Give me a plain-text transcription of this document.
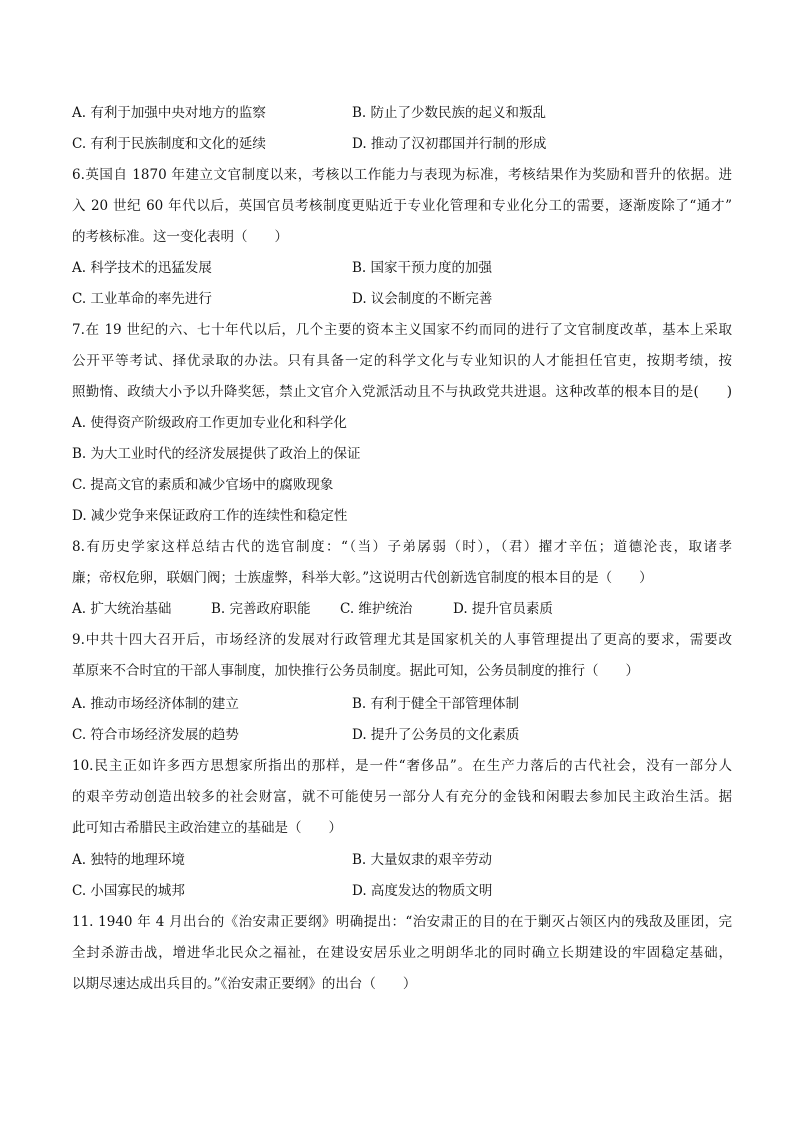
A. 有利于加强中央对地方的监察	B. 防止了少数民族的起义和叛乱
C. 有利于民族制度和文化的延续	D. 推动了汉初郡国并行制的形成
6.英国自 1870 年建立文官制度以来，考核以工作能力与表现为标准，考核结果作为奖励和晋升的依据。进
入 20 世纪 60 年代以后，英国官员考核制度更贴近于专业化管理和专业化分工的需要，逐渐废除了“通才”
的考核标准。这一变化表明（　　）
A. 科学技术的迅猛发展	B. 国家干预力度的加强
C. 工业革命的率先进行	D. 议会制度的不断完善
7.在 19 世纪的六、七十年代以后，几个主要的资本主义国家不约而同的进行了文官制度改革，基本上采取
公开平等考试、择优录取的办法。只有具备一定的科学文化与专业知识的人才能担任官吏，按期考绩，按
照勤惰、政绩大小予以升降奖惩，禁止文官介入党派活动且不与执政党共进退。这种改革的根本目的是(　　)
A. 使得资产阶级政府工作更加专业化和科学化
B. 为大工业时代的经济发展提供了政治上的保证
C. 提高文官的素质和减少官场中的腐败现象
D. 减少党争来保证政府工作的连续性和稳定性
8.有历史学家这样总结古代的选官制度：“（当）子弟孱弱（时），（君）擢才辛伍；道德沦丧，取诸孝
廉；帝权危卵，联姻门阀；士族虚弊，科举大彰。”这说明古代创新选官制度的根本目的是（　　）
A. 扩大统治基础	B. 完善政府职能 C. 维护统治	D. 提升官员素质
9.中共十四大召开后，市场经济的发展对行政管理尤其是国家机关的人事管理提出了更高的要求，需要改
革原来不合时宜的干部人事制度，加快推行公务员制度。据此可知，公务员制度的推行（　　）
A. 推动市场经济体制的建立	B. 有利于健全干部管理体制
C. 符合市场经济发展的趋势	D. 提升了公务员的文化素质
10.民主正如许多西方思想家所指出的那样，是一件“奢侈品”。在生产力落后的古代社会，没有一部分人
的艰辛劳动创造出较多的社会财富，就不可能使另一部分人有充分的金钱和闲暇去参加民主政治生活。据
此可知古希腊民主政治建立的基础是（　　）
A. 独特的地理环境	B. 大量奴隶的艰辛劳动
C. 小国寡民的城邦	D. 高度发达的物质文明
11. 1940 年 4 月出台的《治安肃正要纲》明确提出：“治安肃正的目的在于剿灭占领区内的残敌及匪团，完
全封杀游击战，增进华北民众之福祉，在建设安居乐业之明朗华北的同时确立长期建设的牢固稳定基础，
以期尽速达成出兵目的。”《治安肃正要纲》的出台（　　）
